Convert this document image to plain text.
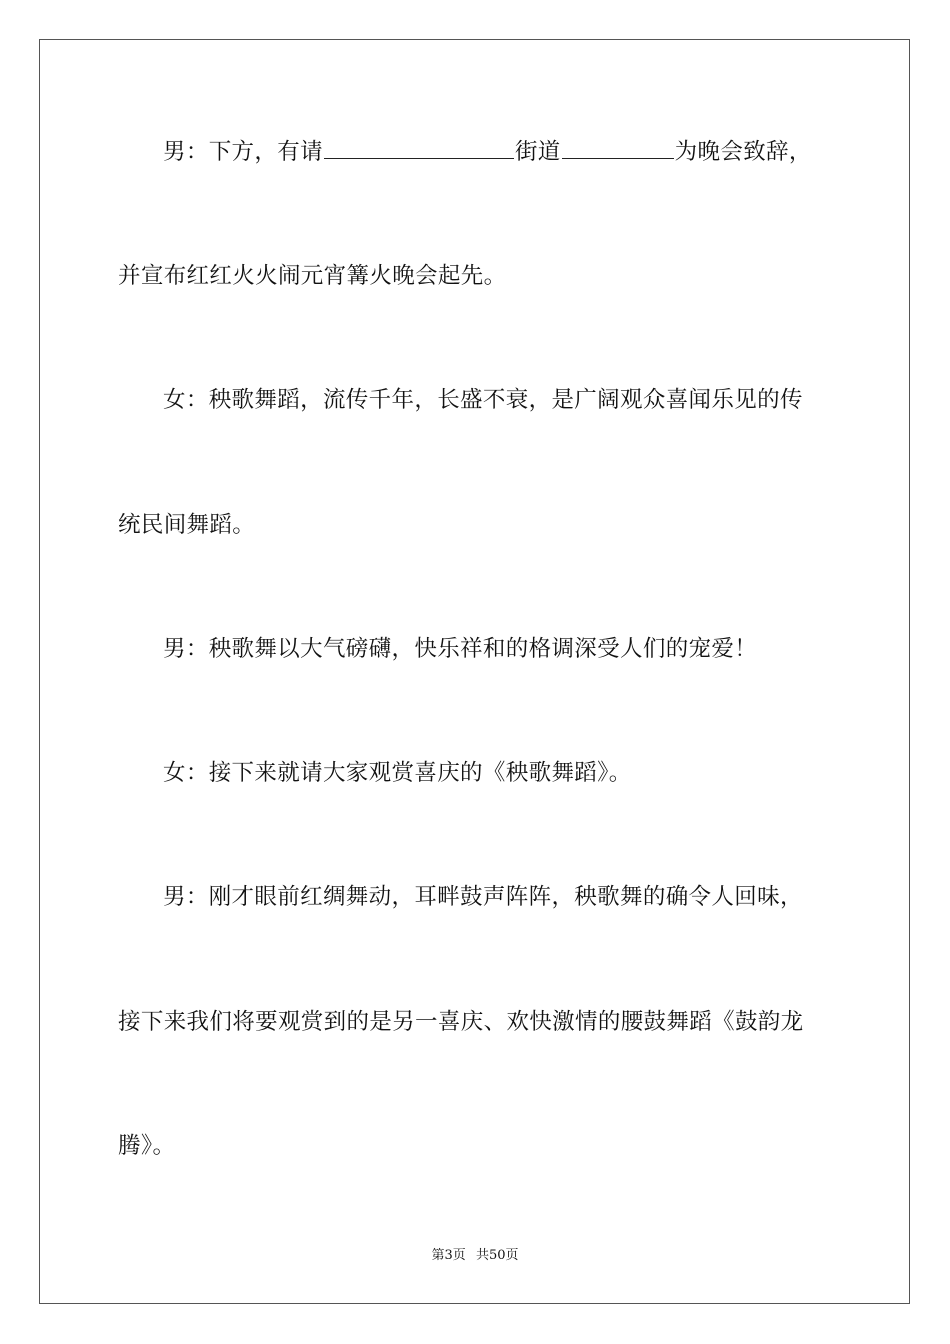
男：下方，有请	街道	为晚会致辞，
并宣布红红火火闹元宵篝火晚会起先。
女：秧歌舞蹈，流传千年，长盛不衰，是广阔观众喜闻乐见的传
统民间舞蹈。
男：秧歌舞以大气磅礴，快乐祥和的格调深受人们的宠爱！
女：接下来就请大家观赏喜庆的《秧歌舞蹈》。
男：刚才眼前红绸舞动，耳畔鼓声阵阵，秧歌舞的确令人回味，
接下来我们将要观赏到的是另一喜庆、欢快激情的腰鼓舞蹈《鼓韵龙
腾》。
第3页 共50页
